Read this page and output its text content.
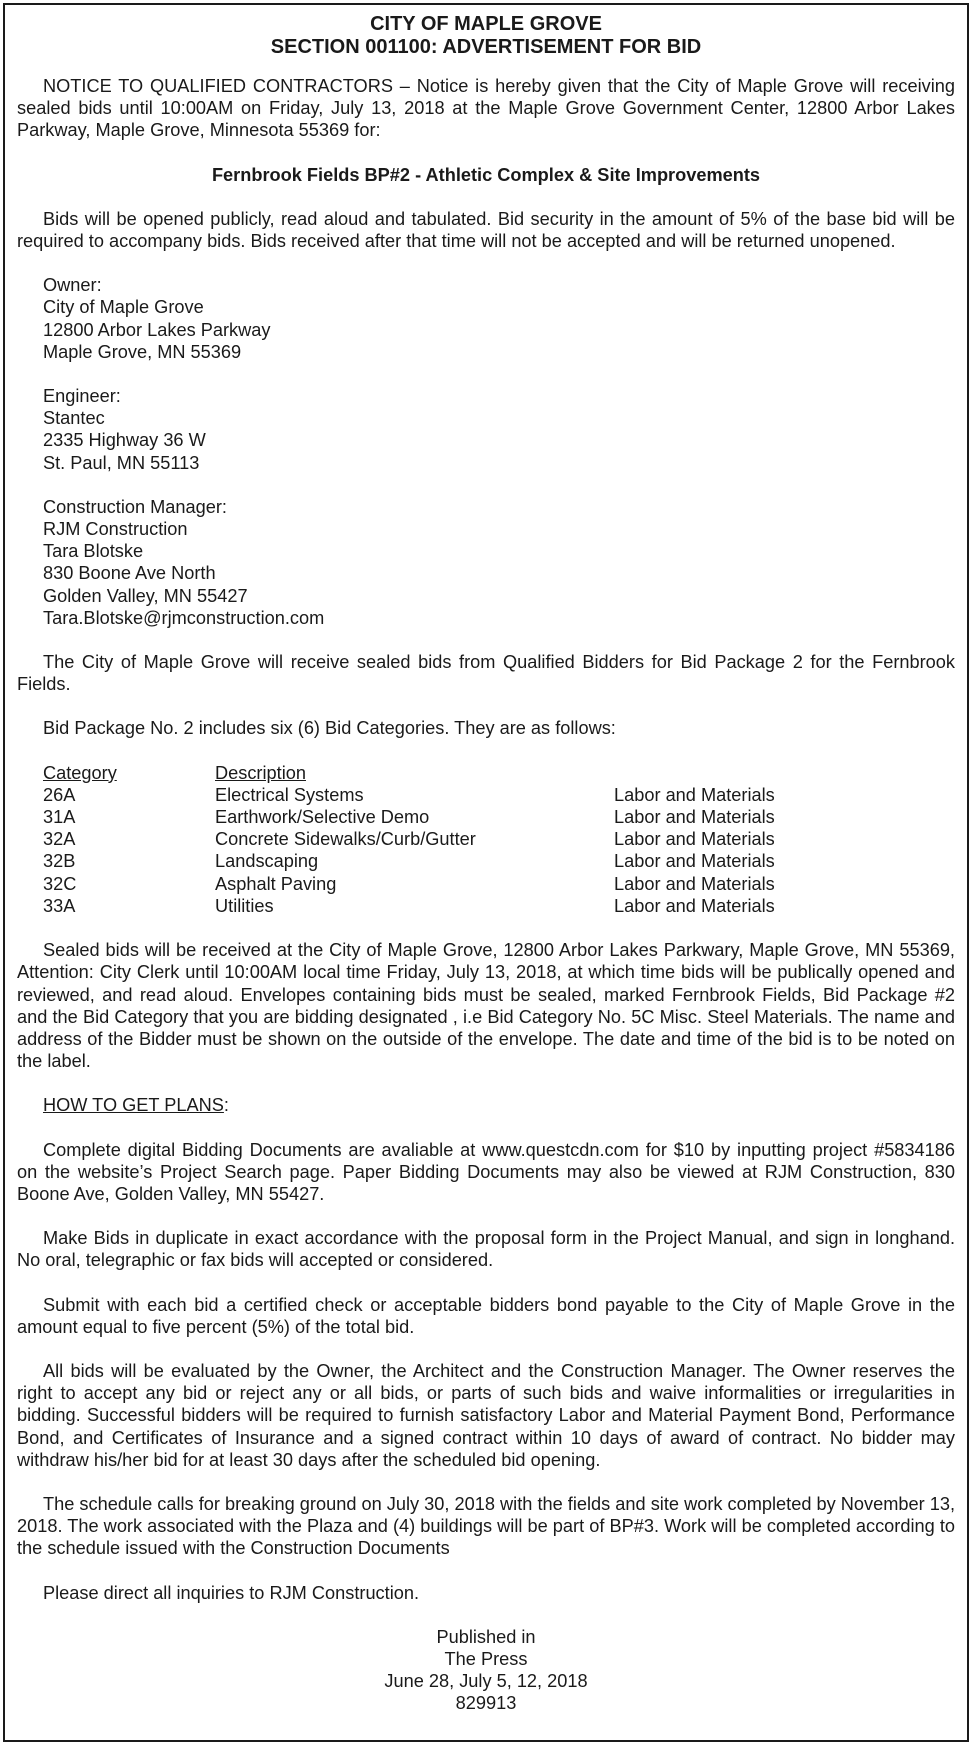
CITY OF MAPLE GROVE
SECTION 001100: ADVERTISEMENT FOR BID

NOTICE TO QUALIFIED CONTRACTORS – Notice is hereby given that the City of Maple Grove will receiving sealed bids until 10:00AM on Friday, July 13, 2018 at the Maple Grove Government Center, 12800 Arbor Lakes Parkway, Maple Grove, Minnesota 55369 for:

Fernbrook Fields BP#2 - Athletic Complex & Site Improvements

Bids will be opened publicly, read aloud and tabulated. Bid security in the amount of 5% of the base bid will be required to accompany bids. Bids received after that time will not be accepted and will be returned unopened.

Owner:
City of Maple Grove
12800 Arbor Lakes Parkway
Maple Grove, MN 55369
Engineer:
Stantec
2335 Highway 36 W
St. Paul, MN 55113
Construction Manager:
RJM Construction
Tara Blotske
830 Boone Ave North
Golden Valley, MN 55427
Tara.Blotske@rjmconstruction.com

The City of Maple Grove will receive sealed bids from Qualified Bidders for Bid Package 2 for the Fernbrook Fields.

Bid Package No. 2 includes six (6) Bid Categories. They are as follows:

Category	Description
26A	Electrical Systems	Labor and Materials
31A	Earthwork/Selective Demo	Labor and Materials
32A	Concrete Sidewalks/Curb/Gutter	Labor and Materials
32B	Landscaping	Labor and Materials
32C	Asphalt Paving	Labor and Materials
33A	Utilities	Labor and Materials

Sealed bids will be received at the City of Maple Grove, 12800 Arbor Lakes Parkwary, Maple Grove, MN 55369, Attention: City Clerk until 10:00AM local time Friday, July 13, 2018, at which time bids will be publically opened and reviewed, and read aloud. Envelopes containing bids must be sealed, marked Fernbrook Fields, Bid Package #2 and the Bid Category that you are bidding designated , i.e Bid Category No. 5C Misc. Steel Materials. The name and address of the Bidder must be shown on the outside of the envelope. The date and time of the bid is to be noted on the label.

HOW TO GET PLANS:

Complete digital Bidding Documents are avaliable at www.questcdn.com for $10 by inputting project #5834186 on the website’s Project Search page. Paper Bidding Documents may also be viewed at RJM Construction, 830 Boone Ave, Golden Valley, MN 55427.

Make Bids in duplicate in exact accordance with the proposal form in the Project Manual, and sign in longhand. No oral, telegraphic or fax bids will accepted or considered.

Submit with each bid a certified check or acceptable bidders bond payable to the City of Maple Grove in the amount equal to five percent (5%) of the total bid.

All bids will be evaluated by the Owner, the Architect and the Construction Manager. The Owner reserves the right to accept any bid or reject any or all bids, or parts of such bids and waive informalities or irregularities in bidding. Successful bidders will be required to furnish satisfactory Labor and Material Payment Bond, Performance Bond, and Certificates of Insurance and a signed contract within 10 days of award of contract. No bidder may withdraw his/her bid for at least 30 days after the scheduled bid opening.

The schedule calls for breaking ground on July 30, 2018 with the fields and site work completed by November 13, 2018. The work associated with the Plaza and (4) buildings will be part of BP#3. Work will be completed according to the schedule issued with the Construction Documents

Please direct all inquiries to RJM Construction.

Published in
The Press
June 28, July 5, 12, 2018
829913
